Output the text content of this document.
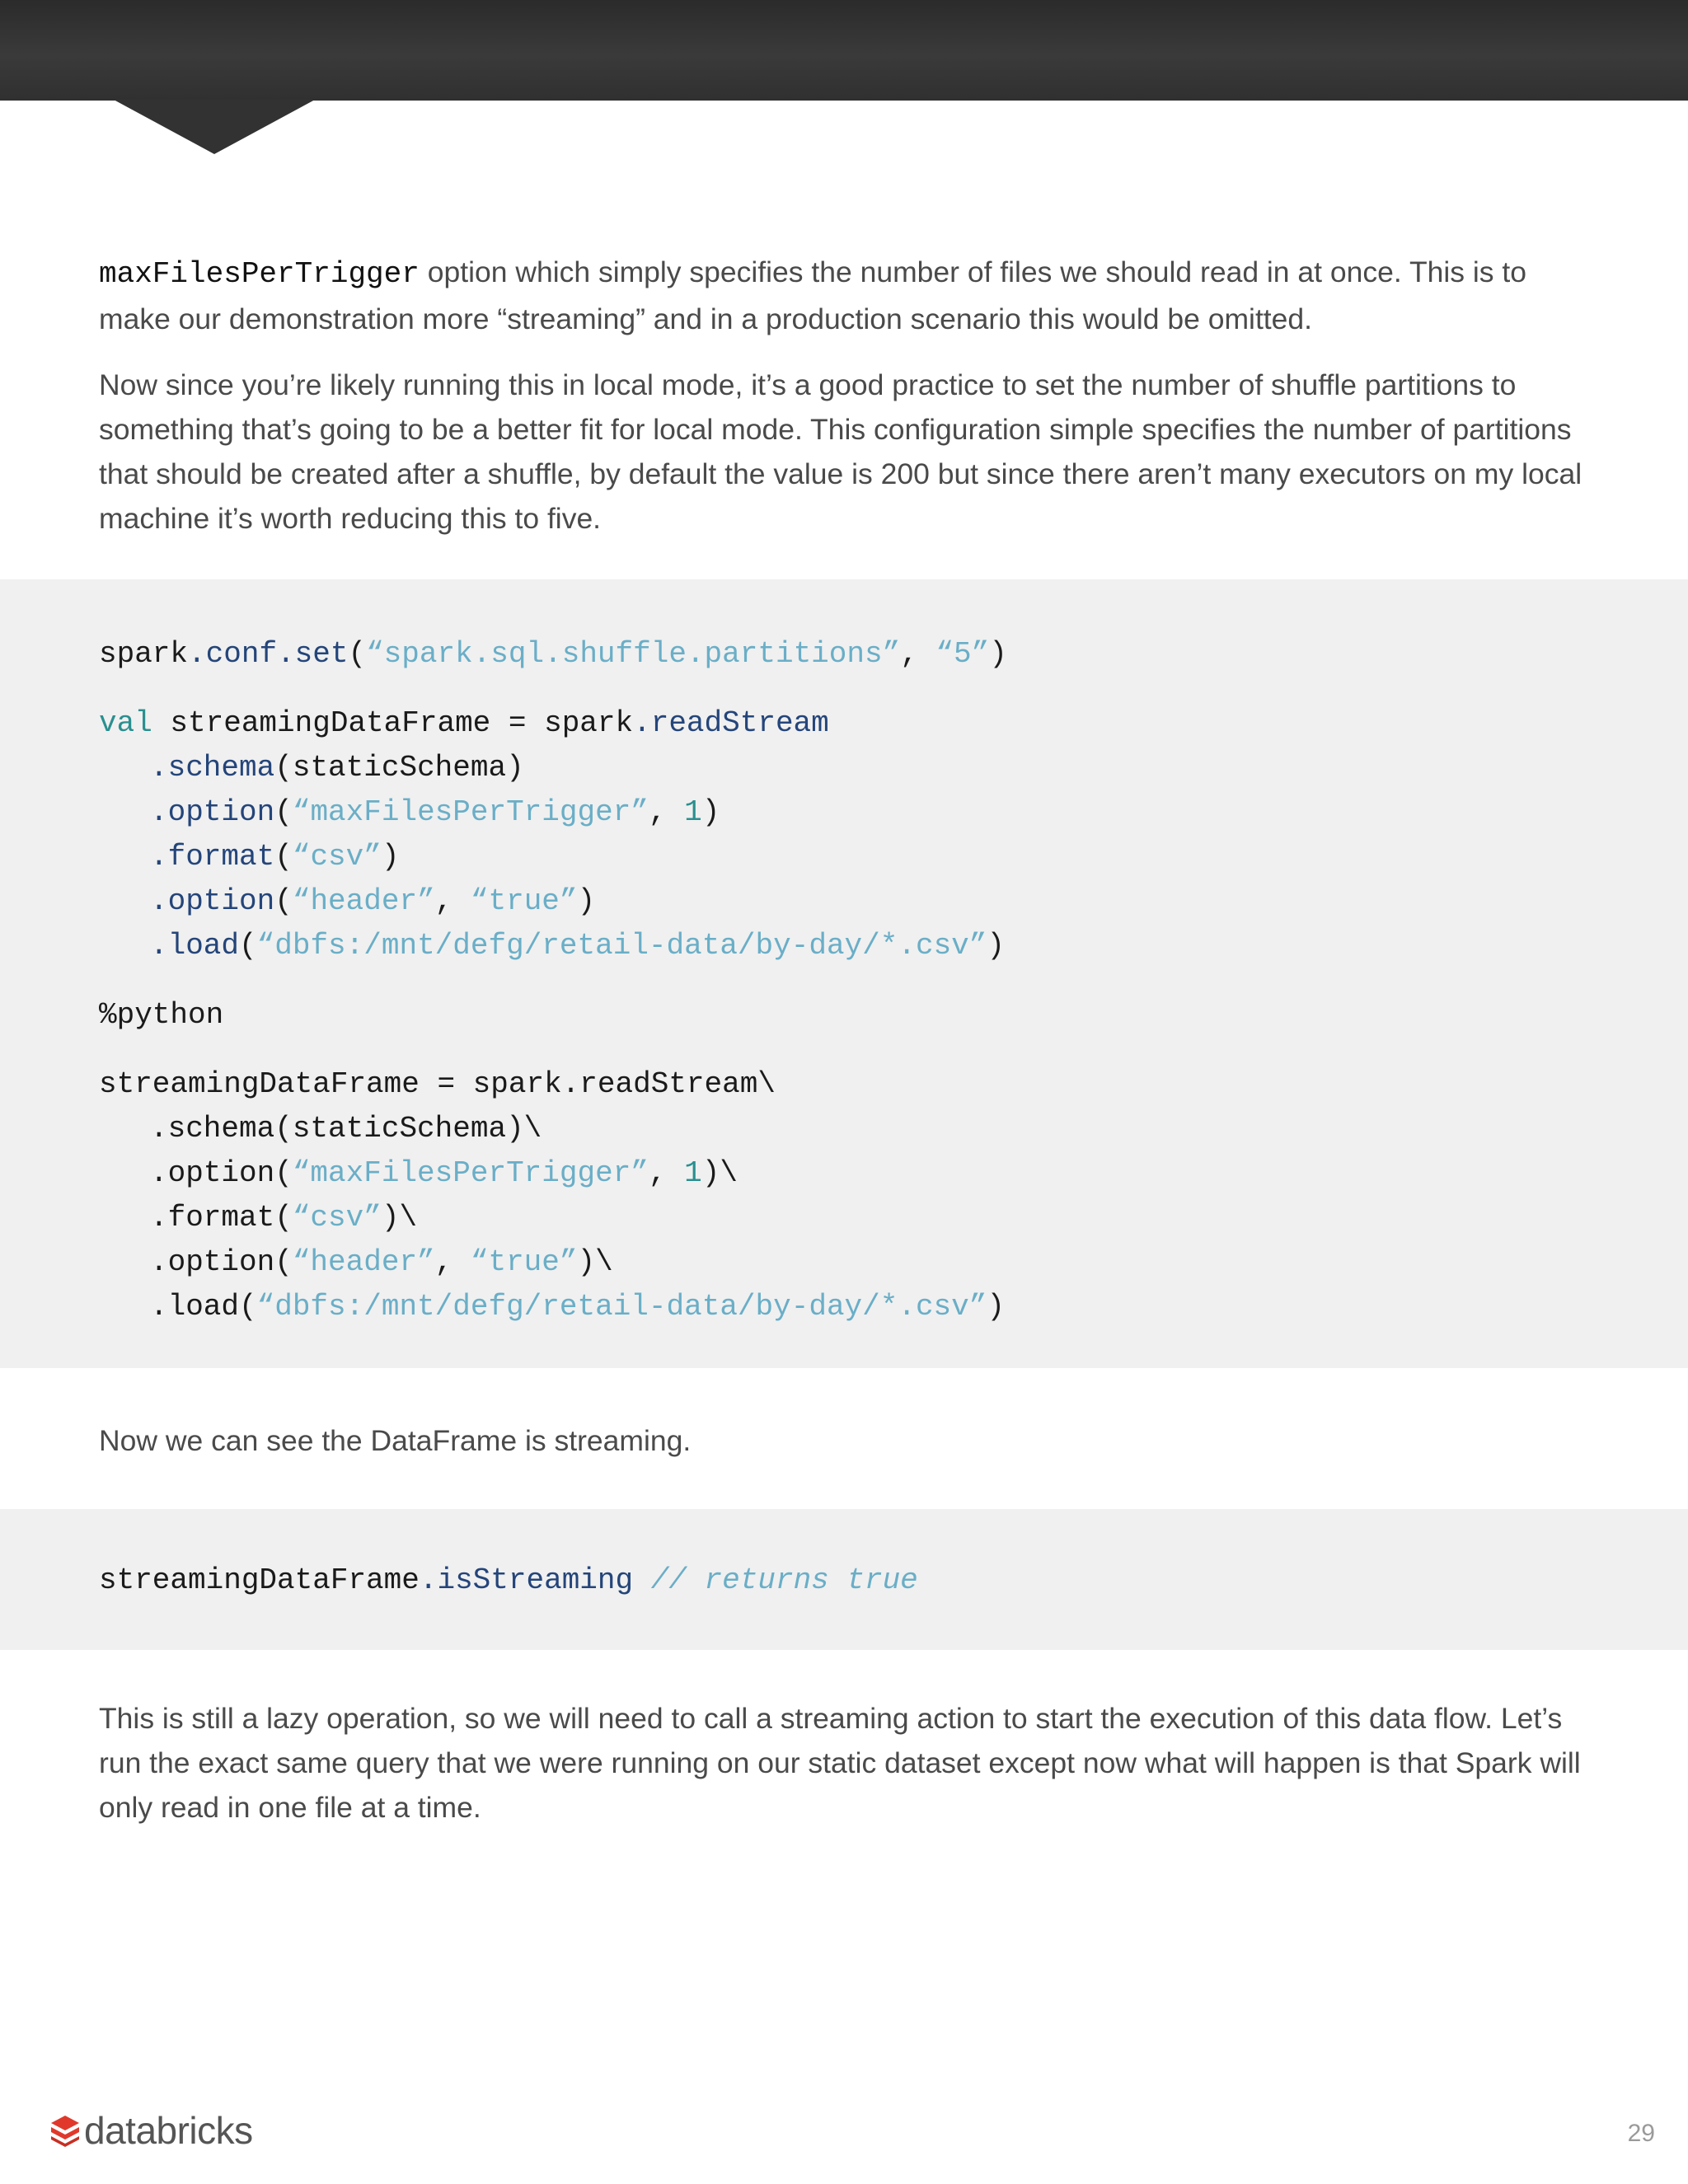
maxFilesPerTrigger option which simply specifies the number of files we should read in at once. This is to make our demonstration more “streaming” and in a production scenario this would be omitted.

Now since you’re likely running this in local mode, it’s a good practice to set the number of shuffle partitions to something that’s going to be a better fit for local mode. This configuration simple specifies the number of partitions that should be created after a shuffle, by default the value is 200 but since there aren’t many executors on my local machine it’s worth reducing this to five.

spark.conf.set(“spark.sql.shuffle.partitions”, “5”)
val streamingDataFrame = spark.readStream
.schema(staticSchema)
.option(“maxFilesPerTrigger”, 1)
.format(“csv”)
.option(“header”, “true”)
.load(“dbfs:/mnt/defg/retail-data/by-day/*.csv”)
%python
streamingDataFrame = spark.readStream\
.schema(staticSchema)\
.option(“maxFilesPerTrigger”, 1)\
.format(“csv”)\
.option(“header”, “true”)\
.load(“dbfs:/mnt/defg/retail-data/by-day/*.csv”)

Now we can see the DataFrame is streaming.

streamingDataFrame.isStreaming // returns true

This is still a lazy operation, so we will need to call a streaming action to start the execution of this data flow. Let’s run the exact same query that we were running on our static dataset except now what will happen is that Spark will only read in one file at a time.

databricks	29
